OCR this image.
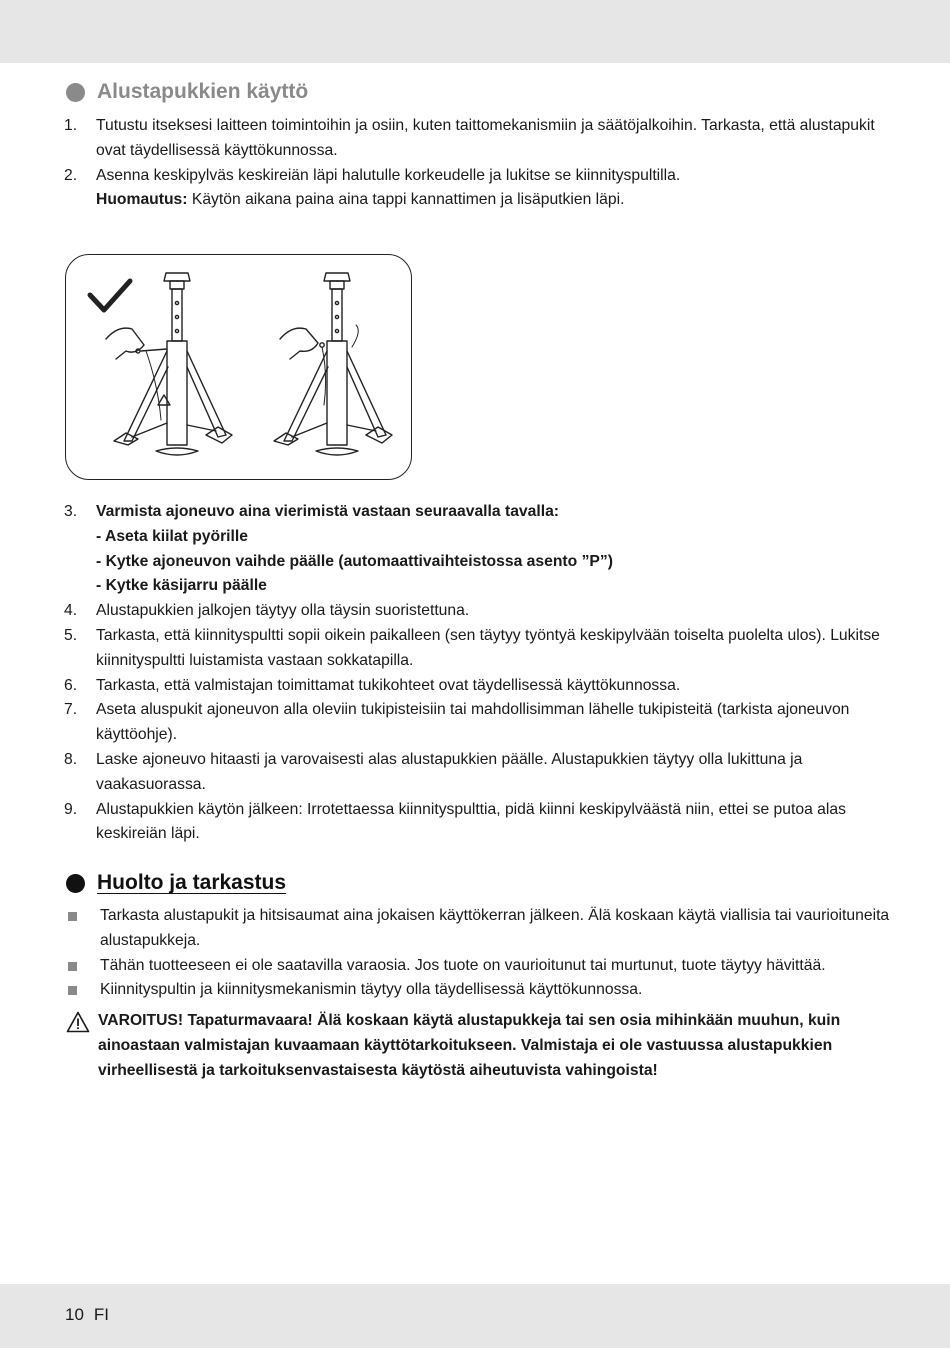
Alustapukkien käyttö
1.	Tutustu itseksesi laitteen toimintoihin ja osiin, kuten taittomekanismiin ja säätöjalkoihin. Tarkasta, että alustapukit ovat täydellisessä käyttökunnossa.
2.	Asenna keskipylväs keskireiän läpi halutulle korkeudelle ja lukitse se kiinnityspultilla.
Huomautus: Käytön aikana paina aina tappi kannattimen ja lisäputkien läpi.
3.	Varmista ajoneuvo aina vierimistä vastaan seuraavalla tavalla:
- Aseta kiilat pyörille
- Kytke ajoneuvon vaihde päälle (automaattivaihteistossa asento ”P”)
- Kytke käsijarru päälle
4.	Alustapukkien jalkojen täytyy olla täysin suoristettuna.
5.	Tarkasta, että kiinnityspultti sopii oikein paikalleen (sen täytyy työntyä keskipylvään toiselta puolelta ulos). Lukitse kiinnityspultti luistamista vastaan sokkatapilla.
6.	Tarkasta, että valmistajan toimittamat tukikohteet ovat täydellisessä käyttökunnossa.
7.	Aseta aluspukit ajoneuvon alla oleviin tukipisteisiin tai mahdollisimman lähelle tukipisteitä (tarkista ajoneuvon käyttöohje).
8.	Laske ajoneuvo hitaasti ja varovaisesti alas alustapukkien päälle. Alustapukkien täytyy olla lukittuna ja vaakasuorassa.
9.	Alustapukkien käytön jälkeen: Irrotettaessa kiinnityspulttia, pidä kiinni keskipylväästä niin, ettei se putoa alas keskireiän läpi.
Huolto ja tarkastus
Tarkasta alustapukit ja hitsisaumat aina jokaisen käyttökerran jälkeen. Älä koskaan käytä viallisia tai vaurioituneita alustapukkeja.
Tähän tuotteeseen ei ole saatavilla varaosia. Jos tuote on vaurioitunut tai murtunut, tuote täytyy hävittää.
Kiinnityspultin ja kiinnitysmekanismin täytyy olla täydellisessä käyttökunnossa.
VAROITUS! Tapaturmavaara! Älä koskaan käytä alustapukkeja tai sen osia mihinkään muuhun, kuin ainoastaan valmistajan kuvaamaan käyttötarkoitukseen. Valmistaja ei ole vastuussa alustapukkien virheellisestä ja tarkoituksenvastaisesta käytöstä aiheutuvista vahingoista!
10 FI
